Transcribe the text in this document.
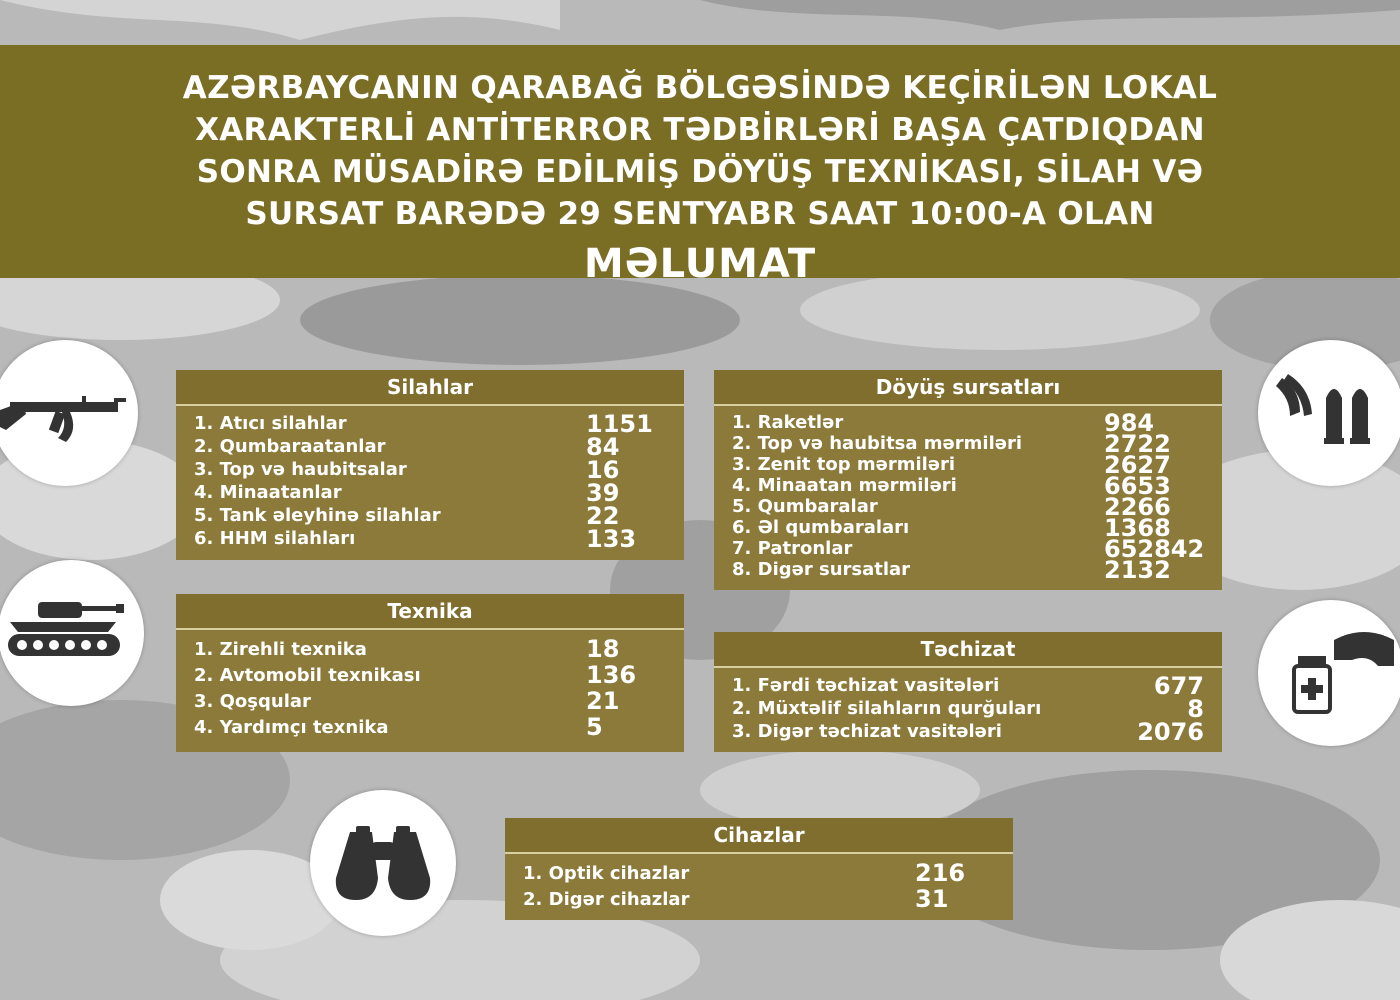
AZƏRBAYCANIN QARABAĞ BÖLGƏSİNDƏ KEÇİRİLƏN LOKAL
XARAKTERLİ ANTİTERROR TƏDBİRLƏRİ BAŞA ÇATDIQDAN
SONRA MÜSADİRƏ EDİLMİŞ DÖYÜŞ TEXNİKASI, SİLAH VƏ
SURSAT BARƏDƏ 29 SENTYABR SAAT 10:00-A OLAN
MƏLUMAT
Silahlar
1. Atıcı silahlar	1151
2. Qumbaraatanlar	84
3. Top və haubitsalar	16
4. Minaatanlar	39
5. Tank əleyhinə silahlar	22
6. HHM silahları	133
Döyüş sursatları
1. Raketlər	984
2. Top və haubitsa mərmiləri	2722
3. Zenit top mərmiləri	2627
4. Minaatan mərmiləri	6653
5. Qumbaralar	2266
6. Əl qumbaraları	1368
7. Patronlar	652842
8. Digər sursatlar	2132
Texnika
1. Zirehli texnika	18
2. Avtomobil texnikası	136
3. Qoşqular	21
4. Yardımçı texnika	5
Təchizat
1. Fərdi təchizat vasitələri	677
2. Müxtəlif silahların qurğuları	8
3. Digər təchizat vasitələri	2076
Cihazlar
1. Optik cihazlar	216
2. Digər cihazlar	31
